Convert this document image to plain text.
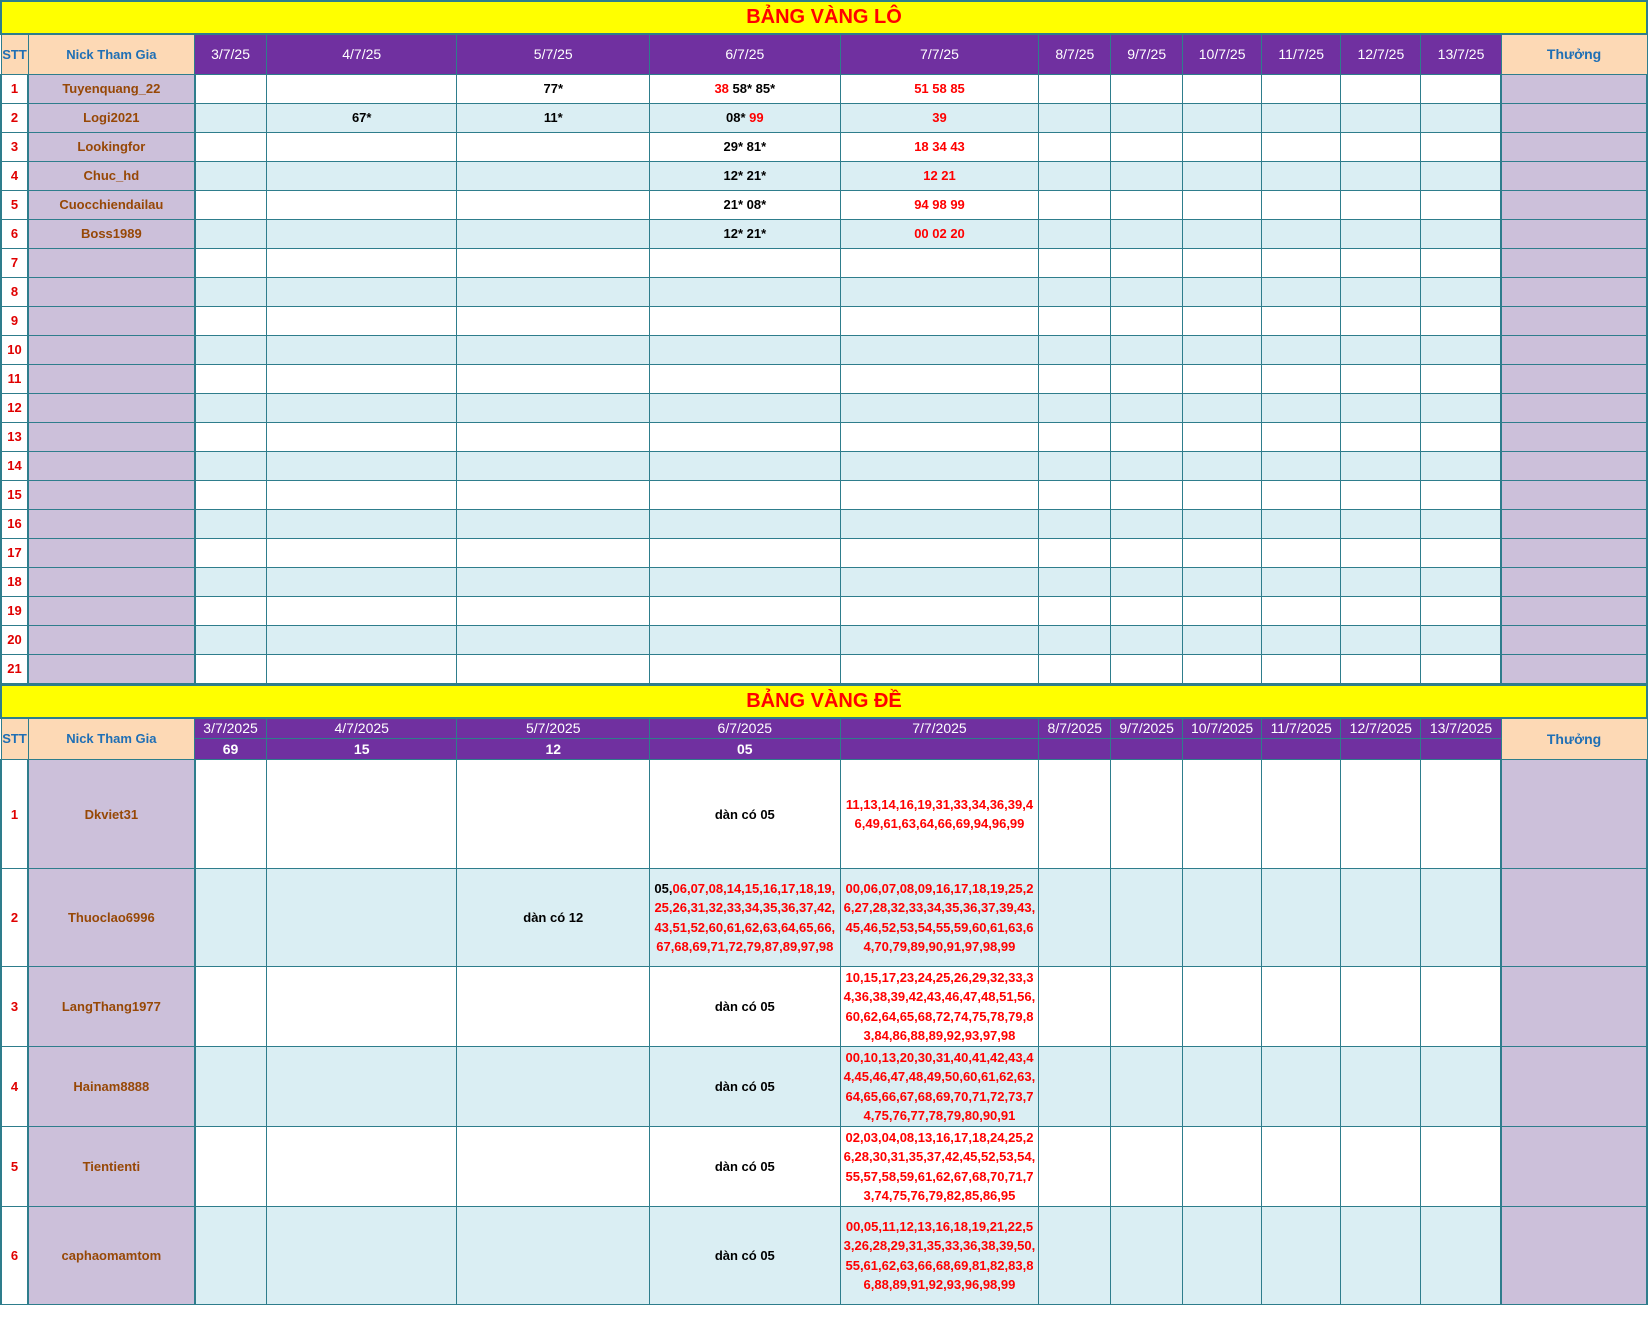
BẢNG VÀNG LÔ													
STT	Nick Tham Gia	3/7/25	4/7/25	5/7/25	6/7/25	7/7/25	8/7/25	9/7/25	10/7/25	11/7/25	12/7/25	13/7/25	Thưởng
1	Tuyenquang_22			77*	38 58* 85*	51 58 85							
2	Logi2021		67*	11*	08* 99	39							
3	Lookingfor				29* 81*	18 34 43							
4	Chuc_hd				12* 21*	12 21							
5	Cuocchiendailau				21* 08*	94 98 99							
6	Boss1989				12* 21*	00 02 20							
7													
8													
9													
10													
11													
12													
13													
14													
15													
16													
17													
18													
19													
20													
21													
BẢNG VÀNG ĐỀ													
STT	Nick Tham Gia	3/7/2025	4/7/2025	5/7/2025	6/7/2025	7/7/2025	8/7/2025	9/7/2025	10/7/2025	11/7/2025	12/7/2025	13/7/2025	Thưởng
		69	15	12	05								
1	Dkviet31				dàn có 05	11,13,14,16,19,31,33,34,36,39,46,49,61,63,64,66,69,94,96,99							
2	Thuoclao6996			dàn có 12	05,06,07,08,14,15,16,17,18,19,25,26,31,32,33,34,35,36,37,42,43,51,52,60,61,62,63,64,65,66,67,68,69,71,72,79,87,89,97,98	00,06,07,08,09,16,17,18,19,25,26,27,28,32,33,34,35,36,37,39,43,45,46,52,53,54,55,59,60,61,63,64,70,79,89,90,91,97,98,99							
3	LangThang1977				dàn có 05	10,15,17,23,24,25,26,29,32,33,34,36,38,39,42,43,46,47,48,51,56,60,62,64,65,68,72,74,75,78,79,83,84,86,88,89,92,93,97,98							
4	Hainam8888				dàn có 05	00,10,13,20,30,31,40,41,42,43,44,45,46,47,48,49,50,60,61,62,63,64,65,66,67,68,69,70,71,72,73,74,75,76,77,78,79,80,90,91							
5	Tientienti				dàn có 05	02,03,04,08,13,16,17,18,24,25,26,28,30,31,35,37,42,45,52,53,54,55,57,58,59,61,62,67,68,70,71,73,74,75,76,79,82,85,86,95							
6	caphaomamtom				dàn có 05	00,05,11,12,13,16,18,19,21,22,53,26,28,29,31,35,33,36,38,39,50,55,61,62,63,66,68,69,81,82,83,86,88,89,91,92,93,96,98,99							
